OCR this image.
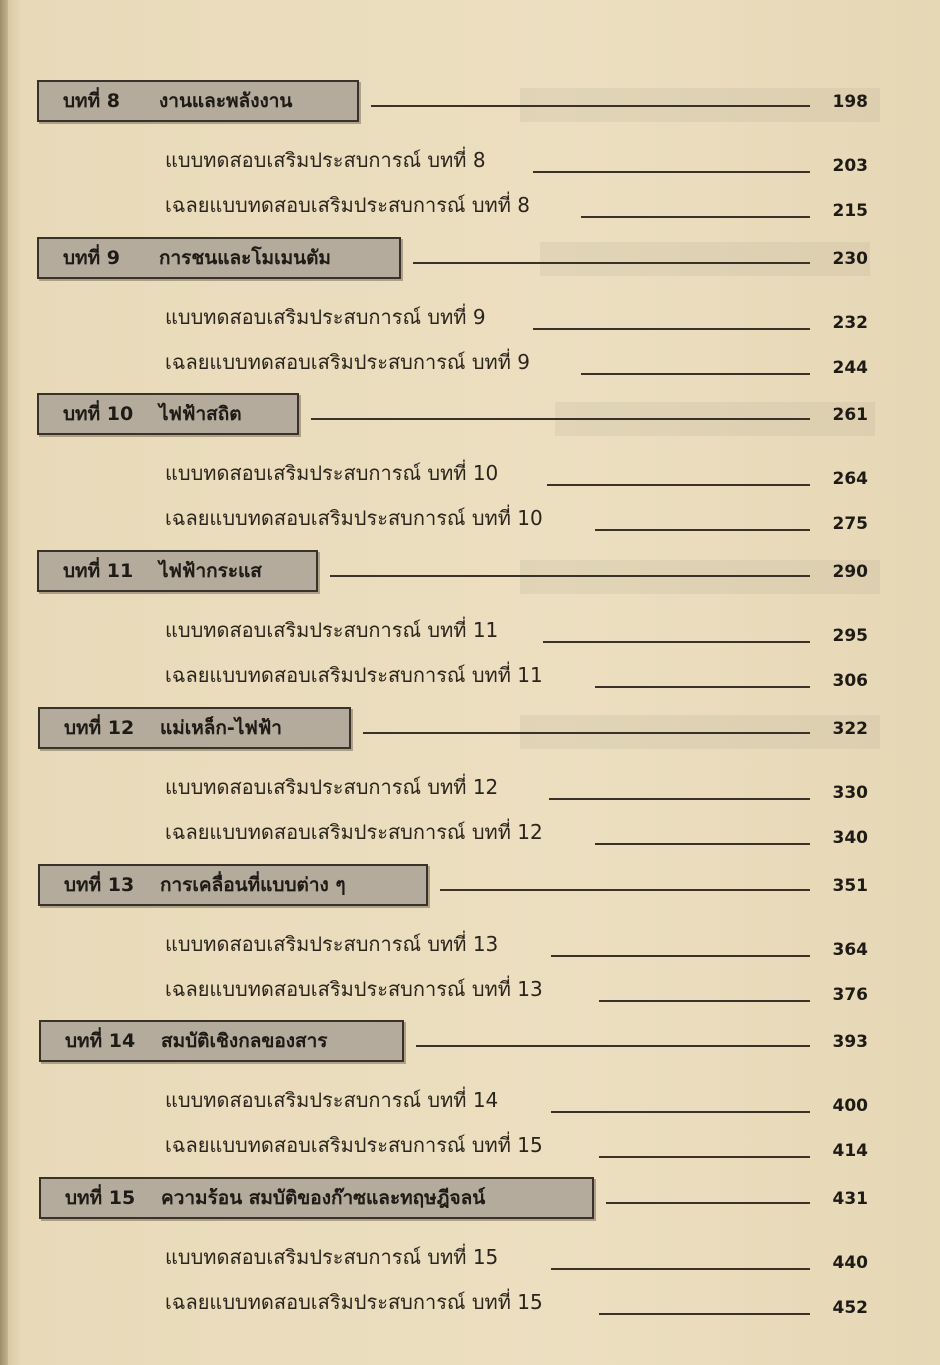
บทที่ 8	งานและพลังงาน	198
แบบทดสอบเสริมประสบการณ์ บทที่ 8	203
เฉลยแบบทดสอบเสริมประสบการณ์ บทที่ 8	215
บทที่ 9	การชนและโมเมนตัม	230
แบบทดสอบเสริมประสบการณ์ บทที่ 9	232
เฉลยแบบทดสอบเสริมประสบการณ์ บทที่ 9	244
บทที่ 10	ไฟฟ้าสถิต	261
แบบทดสอบเสริมประสบการณ์ บทที่ 10	264
เฉลยแบบทดสอบเสริมประสบการณ์ บทที่ 10	275
บทที่ 11	ไฟฟ้ากระแส	290
แบบทดสอบเสริมประสบการณ์ บทที่ 11	295
เฉลยแบบทดสอบเสริมประสบการณ์ บทที่ 11	306
บทที่ 12	แม่เหล็ก-ไฟฟ้า	322
แบบทดสอบเสริมประสบการณ์ บทที่ 12	330
เฉลยแบบทดสอบเสริมประสบการณ์ บทที่ 12	340
บทที่ 13	การเคลื่อนที่แบบต่าง ๆ	351
แบบทดสอบเสริมประสบการณ์ บทที่ 13	364
เฉลยแบบทดสอบเสริมประสบการณ์ บทที่ 13	376
บทที่ 14	สมบัติเชิงกลของสาร	393
แบบทดสอบเสริมประสบการณ์ บทที่ 14	400
เฉลยแบบทดสอบเสริมประสบการณ์ บทที่ 15	414
บทที่ 15	ความร้อน สมบัติของก๊าซและทฤษฎีจลน์	431
แบบทดสอบเสริมประสบการณ์ บทที่ 15	440
เฉลยแบบทดสอบเสริมประสบการณ์ บทที่ 15	452
